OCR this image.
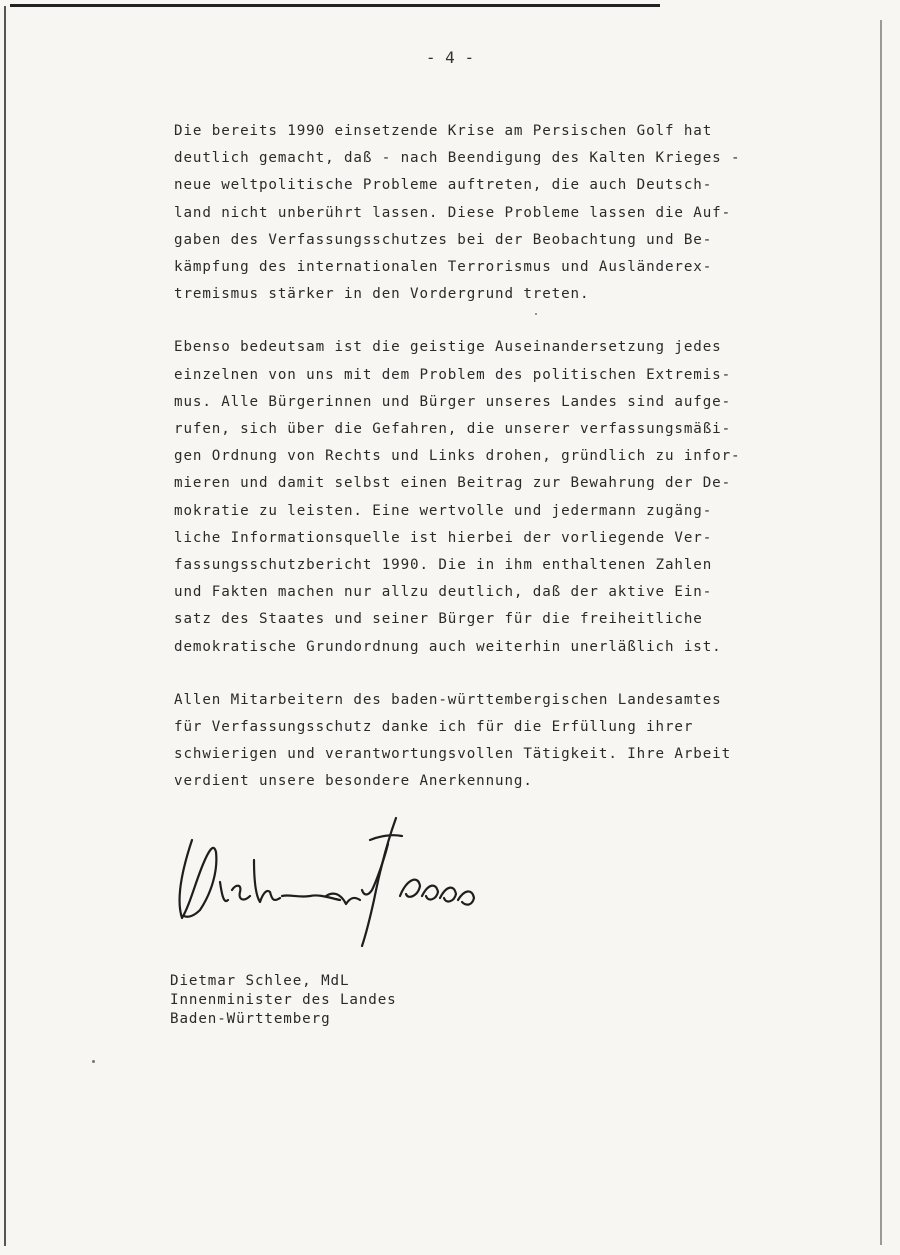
- 4 -

Die bereits 1990 einsetzende Krise am Persischen Golf hat
deutlich gemacht, daß - nach Beendigung des Kalten Krieges -
neue weltpolitische Probleme auftreten, die auch Deutsch-
land nicht unberührt lassen. Diese Probleme lassen die Auf-
gaben des Verfassungsschutzes bei der Beobachtung und Be-
kämpfung des internationalen Terrorismus und Ausländerex-
tremismus stärker in den Vordergrund treten.

Ebenso bedeutsam ist die geistige Auseinandersetzung jedes
einzelnen von uns mit dem Problem des politischen Extremis-
mus. Alle Bürgerinnen und Bürger unseres Landes sind aufge-
rufen, sich über die Gefahren, die unserer verfassungsmäßi-
gen Ordnung von Rechts und Links drohen, gründlich zu infor-
mieren und damit selbst einen Beitrag zur Bewahrung der De-
mokratie zu leisten. Eine wertvolle und jedermann zugäng-
liche Informationsquelle ist hierbei der vorliegende Ver-
fassungsschutzbericht 1990. Die in ihm enthaltenen Zahlen
und Fakten machen nur allzu deutlich, daß der aktive Ein-
satz des Staates und seiner Bürger für die freiheitliche
demokratische Grundordnung auch weiterhin unerläßlich ist.

Allen Mitarbeitern des baden-württembergischen Landesamtes
für Verfassungsschutz danke ich für die Erfüllung ihrer
schwierigen und verantwortungsvollen Tätigkeit. Ihre Arbeit
verdient unsere besondere Anerkennung.

Dietmar Schlee, MdL
Innenminister des Landes
Baden-Württemberg
